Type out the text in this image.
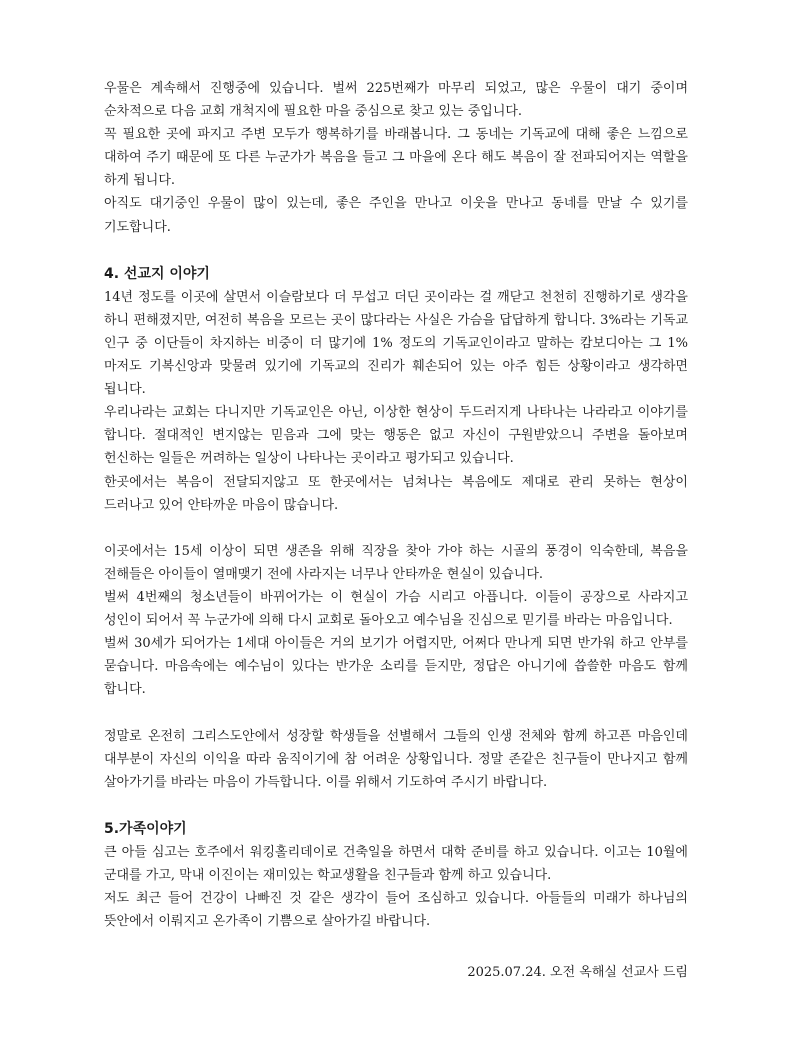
우물은 계속해서 진행중에 있습니다. 벌써 225번째가 마무리 되었고, 많은 우물이 대기 중이며 순차적으로 다음 교회 개척지에 필요한 마을 중심으로 찾고 있는 중입니다.

꼭 필요한 곳에 파지고 주변 모두가 행복하기를 바래봅니다. 그 동네는 기독교에 대해 좋은 느낌으로 대하여 주기 때문에 또 다른 누군가가 복음을 들고 그 마을에 온다 해도 복음이 잘 전파되어지는 역할을 하게 됩니다.

아직도 대기중인 우물이 많이 있는데, 좋은 주인을 만나고 이웃을 만나고 동네를 만날 수 있기를 기도합니다.

4. 선교지 이야기

14년 정도를 이곳에 살면서 이슬람보다 더 무섭고 더딘 곳이라는 걸 깨닫고 천천히 진행하기로 생각을 하니 편해졌지만, 여전히 복음을 모르는 곳이 많다라는 사실은 가슴을 답답하게 합니다. 3%라는 기독교 인구 중 이단들이 차지하는 비중이 더 많기에 1% 정도의 기독교인이라고 말하는 캄보디아는 그 1% 마저도 기복신앙과 맞물려 있기에 기독교의 진리가 훼손되어 있는 아주 힘든 상황이라고 생각하면 됩니다.

우리나라는 교회는 다니지만 기독교인은 아닌, 이상한 현상이 두드러지게 나타나는 나라라고 이야기를 합니다. 절대적인 변지않는 믿음과 그에 맞는 행동은 없고 자신이 구원받았으니 주변을 돌아보며 헌신하는 일들은 꺼려하는 일상이 나타나는 곳이라고 평가되고 있습니다.

한곳에서는 복음이 전달되지않고 또 한곳에서는 넘쳐나는 복음에도 제대로 관리 못하는 현상이 드러나고 있어 안타까운 마음이 많습니다.

이곳에서는 15세 이상이 되면 생존을 위해 직장을 찾아 가야 하는 시골의 풍경이 익숙한데, 복음을 전해들은 아이들이 열매맺기 전에 사라지는 너무나 안타까운 현실이 있습니다.

벌써 4번째의 청소년들이 바뀌어가는 이 현실이 가슴 시리고 아픕니다. 이들이 공장으로 사라지고 성인이 되어서 꼭 누군가에 의해 다시 교회로 돌아오고 예수님을 진심으로 믿기를 바라는 마음입니다.

벌써 30세가 되어가는 1세대 아이들은 거의 보기가 어렵지만, 어쩌다 만나게 되면 반가워 하고 안부를 묻습니다. 마음속에는 예수님이 있다는 반가운 소리를 듣지만, 정답은 아니기에 씁쓸한 마음도 함께 합니다.

정말로 온전히 그리스도안에서 성장할 학생들을 선별해서 그들의 인생 전체와 함께 하고픈 마음인데 대부분이 자신의 이익을 따라 움직이기에 참 어려운 상황입니다. 정말 존같은 친구들이 만나지고 함께 살아가기를 바라는 마음이 가득합니다. 이를 위해서 기도하여 주시기 바랍니다.

5.가족이야기

큰 아들 심고는 호주에서 워킹홀리데이로 건축일을 하면서 대학 준비를 하고 있습니다. 이고는 10월에 군대를 가고, 막내 이진이는 재미있는 학교생활을 친구들과 함께 하고 있습니다.

저도 최근 들어 건강이 나빠진 것 같은 생각이 들어 조심하고 있습니다. 아들들의 미래가 하나님의 뜻안에서 이뤄지고 온가족이 기쁨으로 살아가길 바랍니다.

2025.07.24. 오전 옥해실 선교사 드림
